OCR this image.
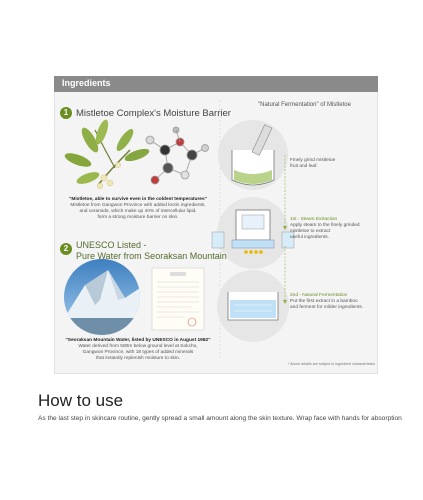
Ingredients
1 Mistletoe Complex's Moisture Barrier
"Mistletoe, able to survive even in the coldest temperatures"
Mistletoe from Gangwon Province with added lectin ingredients,
and ceramide, which make up 40% of intercellular lipid,
form a strong moisture barrier on skin.
2 UNESCO Listed -
Pure Water from Seoraksan Mountain
"Seoraksan Mountain Water, listed by UNESCO in August 1982"
Water derived from 580m below ground level at Sokcho,
Gangwon Province, with 18 types of added minerals
that instantly replenish moisture to skin.
"Natural Fermentation" of Mistletoe
Finely grind mistletoe
fruit and leaf.
1st - Steam Extraction
Apply steam to the finely grinded
mistletoe to extract
useful ingredients.
2nd - Natural Fermentation
Put the first extract in a bamboo
and ferment for milder ingredients.
* Above details are subject to ingredient characteristics
How to use
As the last step in skincare routine, gently spread a small amount along the skin texture. Wrap face with hands for absorption
